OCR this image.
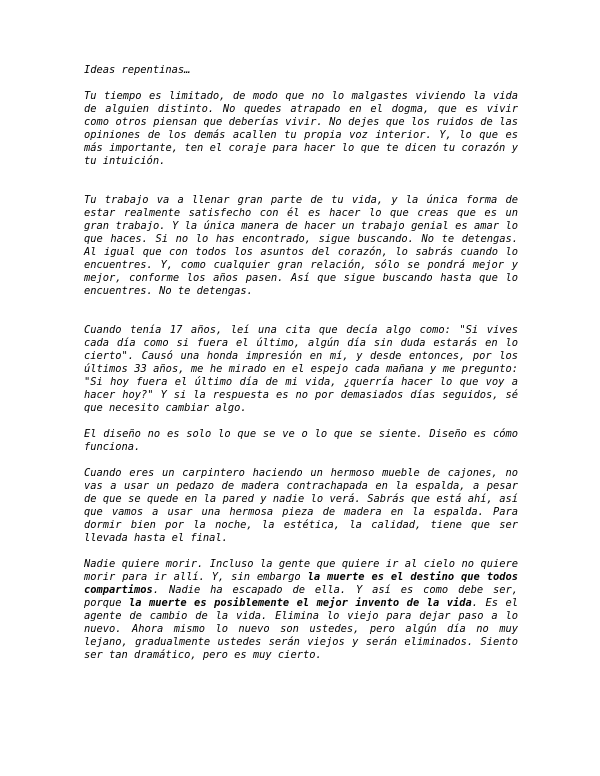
Ideas repentinas…

Tu tiempo es limitado, de modo que no lo malgastes viviendo la vida de alguien distinto. No quedes atrapado en el dogma, que es vivir como otros piensan que deberías vivir. No dejes que los ruidos de las opiniones de los demás acallen tu propia voz interior. Y, lo que es más importante, ten el coraje para hacer lo que te dicen tu corazón y tu intuición.

Tu trabajo va a llenar gran parte de tu vida, y la única forma de estar realmente satisfecho con él es hacer lo que creas que es un gran trabajo. Y la única manera de hacer un trabajo genial es amar lo que haces. Si no lo has encontrado, sigue buscando. No te detengas. Al igual que con todos los asuntos del corazón, lo sabrás cuando lo encuentres. Y, como cualquier gran relación, sólo se pondrá mejor y mejor, conforme los años pasen. Así que sigue buscando hasta que lo encuentres. No te detengas.

Cuando tenía 17 años, leí una cita que decía algo como: "Si vives cada día como si fuera el último, algún día sin duda estarás en lo cierto". Causó una honda impresión en mí, y desde entonces, por los últimos 33 años, me he mirado en el espejo cada mañana y me pregunto: "Si hoy fuera el último día de mi vida, ¿querría hacer lo que voy a hacer hoy?" Y si la respuesta es no por demasiados días seguidos, sé que necesito cambiar algo.

El diseño no es solo lo que se ve o lo que se siente. Diseño es cómo funciona.

Cuando eres un carpintero haciendo un hermoso mueble de cajones, no vas a usar un pedazo de madera contrachapada en la espalda, a pesar de que se quede en la pared y nadie lo verá. Sabrás que está ahí, así que vamos a usar una hermosa pieza de madera en la espalda. Para dormir bien por la noche, la estética, la calidad, tiene que ser llevada hasta el final.

Nadie quiere morir. Incluso la gente que quiere ir al cielo no quiere morir para ir allí. Y, sin embargo la muerte es el destino que todos compartimos. Nadie ha escapado de ella. Y así es como debe ser, porque la muerte es posiblemente el mejor invento de la vida. Es el agente de cambio de la vida. Elimina lo viejo para dejar paso a lo nuevo. Ahora mismo lo nuevo son ustedes, pero algún día no muy lejano, gradualmente ustedes serán viejos y serán eliminados. Siento ser tan dramático, pero es muy cierto.
